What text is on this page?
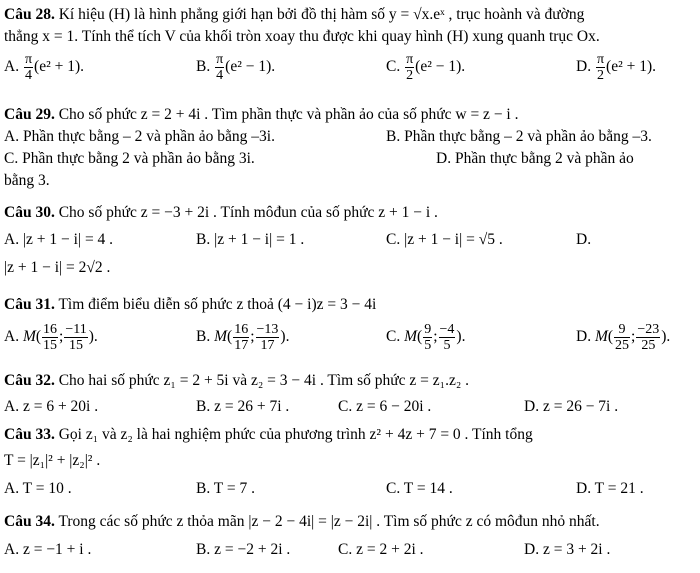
Câu 28. Kí hiệu (H) là hình phẳng giới hạn bởi đồ thị hàm số y = √x.eˣ , trục hoành và đường
thẳng x = 1. Tính thể tích V của khối tròn xoay thu được khi quay hình (H) xung quanh trục Ox.
A. $\frac{\pi}{4} (e^2 + 1)$.	B. $\frac{\pi}{4} (e^2 - 1)$.	C. $\frac{\pi}{2} (e^2 - 1)$.	D. $\frac{\pi}{2} (e^2 + 1)$.
Câu 29. Cho số phức z = 2 + 4i . Tìm phần thực và phần ảo của số phức w = z − i .
A. Phần thực bằng – 2 và phần ảo bằng –3i.	B. Phần thực bằng – 2 và phần ảo bằng –3.
C. Phần thực bằng 2 và phần ảo bằng 3i.	D. Phần thực bằng 2 và phần ảo
bằng 3.
Câu 30. Cho số phức z = −3 + 2i . Tính môđun của số phức z + 1 − i .
A. |z + 1 − i| = 4 .	B. |z + 1 − i| = 1 .	C. |z + 1 − i| = √5 .	D.
|z + 1 − i| = 2√2 .
Câu 31. Tìm điểm biểu diễn số phức z thoả (4 − i)z = 3 − 4i
A. $M( \frac{16}{15}$ ; $\frac{-11}{15}$ ).	B. $M( \frac{16}{17}$ ; $\frac{-13}{17}$ ).	C. $M( \frac{9}{5}$ ; $\frac{-4}{5}$ ).	D. $M( \frac{9}{25}$ ; $\frac{-23}{25}$ ).
Câu 32. Cho hai số phức z₁ = 2 + 5i và z₂ = 3 − 4i . Tìm số phức z = z₁.z₂ .
A. z = 6 + 20i .	B. z = 26 + 7i .	C. z = 6 − 20i .	D. z = 26 − 7i .
Câu 33. Gọi z₁ và z₂ là hai nghiệm phức của phương trình z² + 4z + 7 = 0 . Tính tổng
T = |z₁|² + |z₂|² .
A. T = 10 .	B. T = 7 .	C. T = 14 .	D. T = 21 .
Câu 34. Trong các số phức z thỏa mãn |z − 2 − 4i| = |z − 2i| . Tìm số phức z có môđun nhỏ nhất.
A. z = −1 + i .	B. z = −2 + 2i .	C. z = 2 + 2i .	D. z = 3 + 2i .
